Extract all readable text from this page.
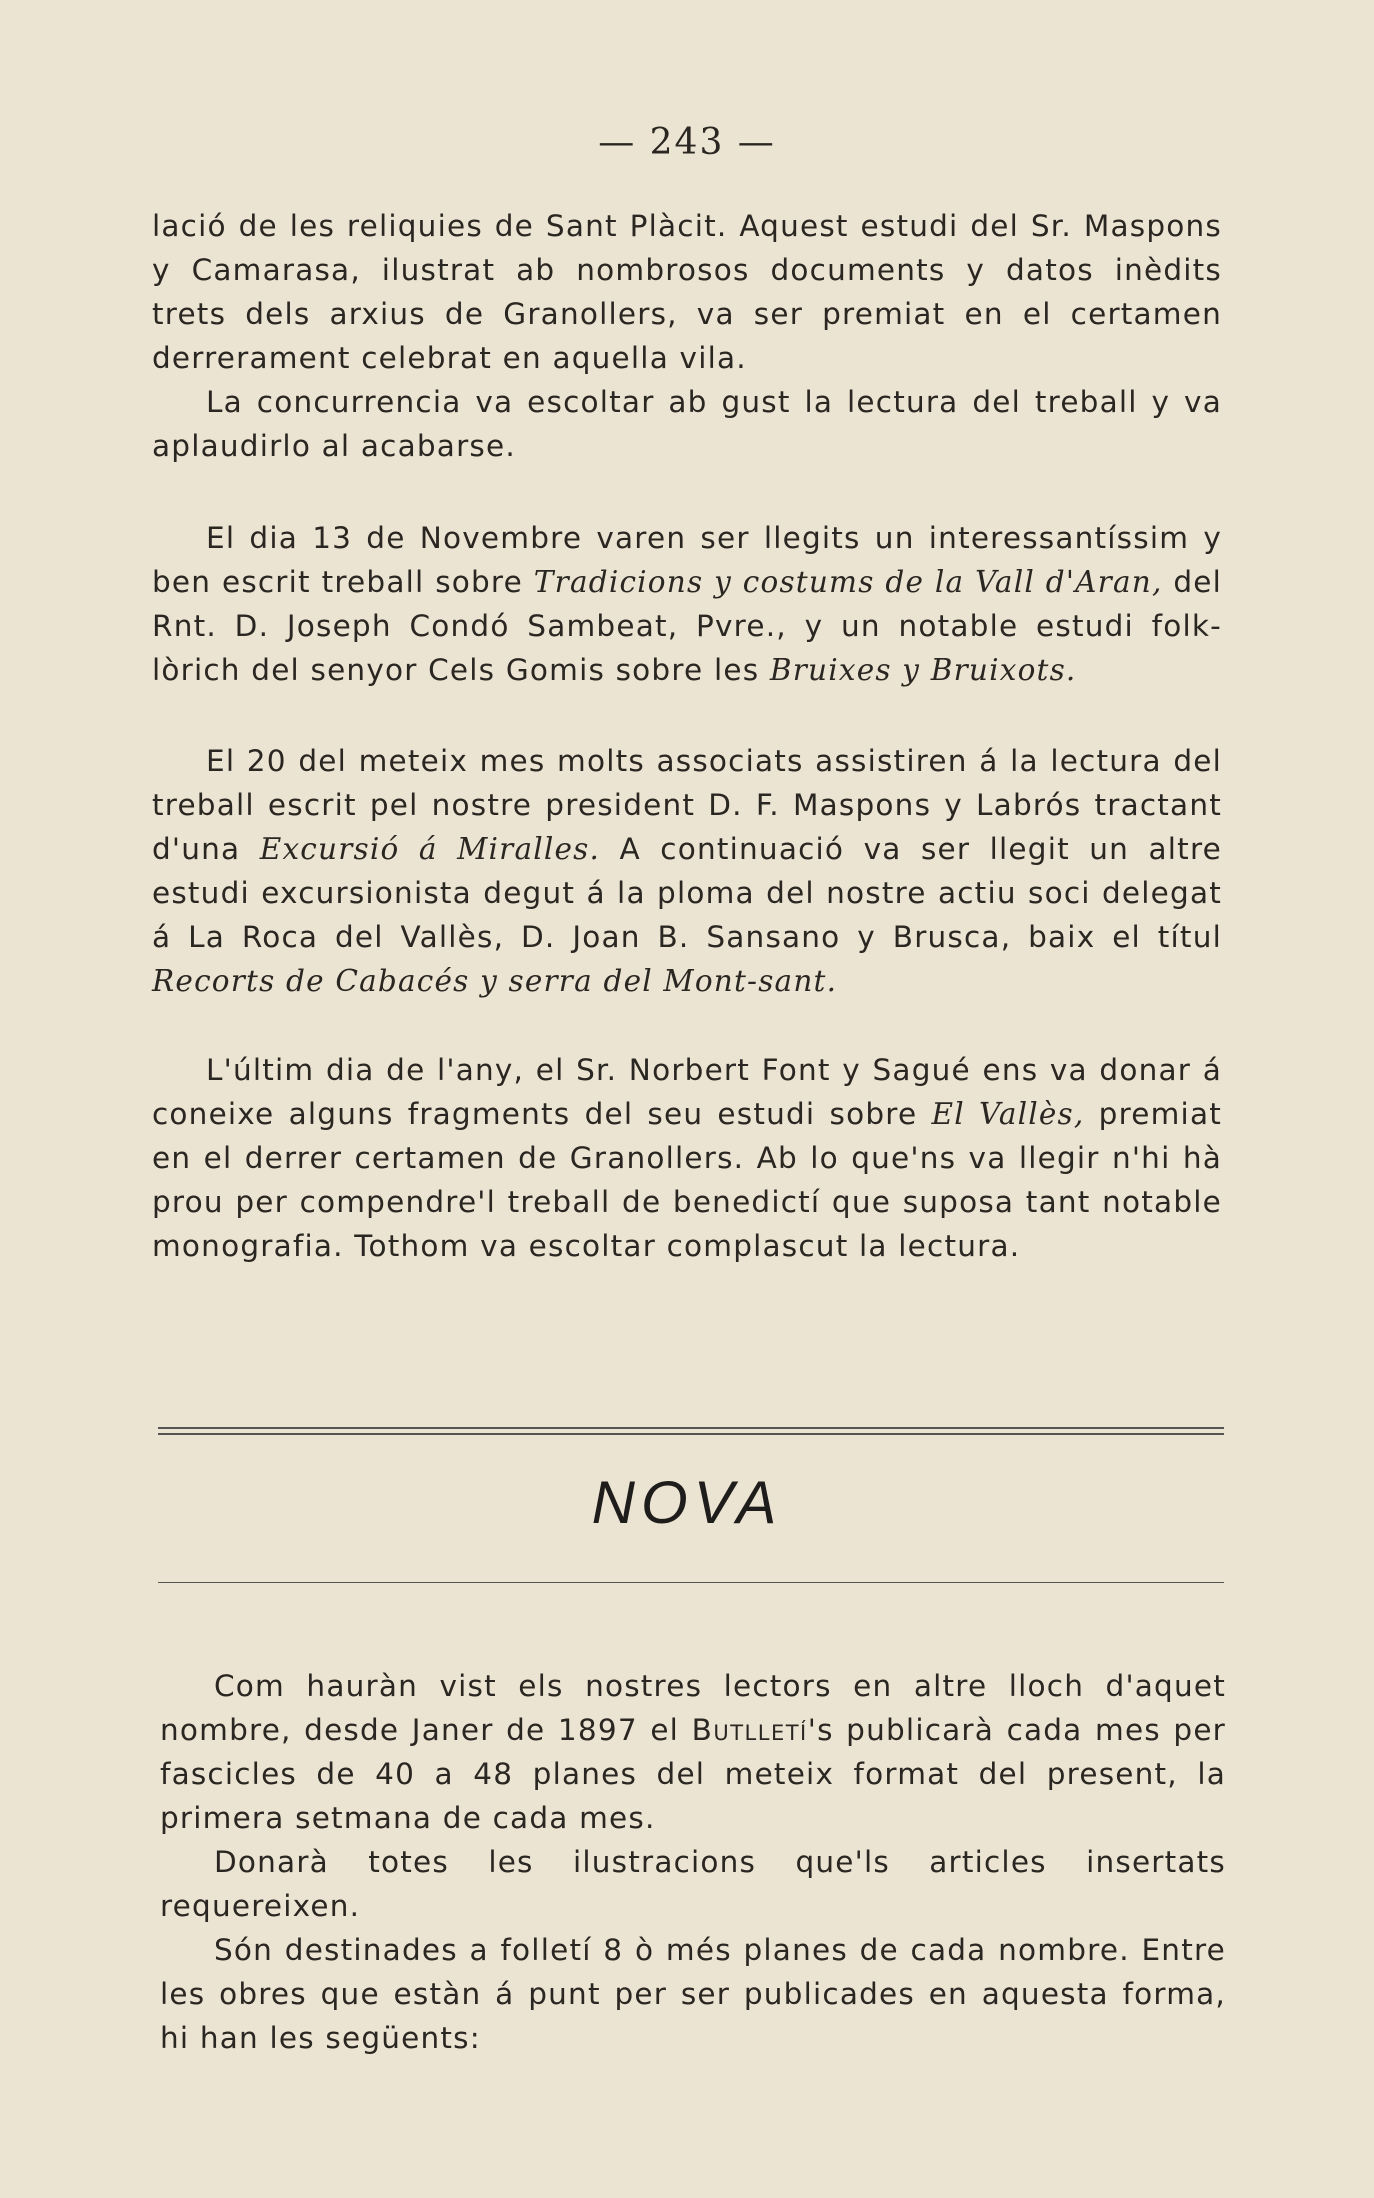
— 243 —

lació de les reliquies de Sant Plàcit. Aquest estudi del Sr. Maspons y Camarasa, ilustrat ab nombrosos documents y datos inèdits trets dels arxius de Granollers, va ser premiat en el certamen derrerament celebrat en aquella vila.

La concurrencia va escoltar ab gust la lectura del treball y va aplaudirlo al acabarse.

El dia 13 de Novembre varen ser llegits un interessantíssim y ben escrit treball sobre Tradicions y costums de la Vall d'Aran, del Rnt. D. Joseph Condó Sambeat, Pvre., y un notable estudi folk-lòrich del senyor Cels Gomis sobre les Bruixes y Bruixots.

El 20 del meteix mes molts associats assistiren á la lectura del treball escrit pel nostre president D. F. Maspons y Labrós tractant d'una Excursió á Miralles. A continuació va ser llegit un altre estudi excursionista degut á la ploma del nostre actiu soci delegat á La Roca del Vallès, D. Joan B. Sansano y Brusca, baix el títul Recorts de Cabacés y serra del Mont-sant.

L'últim dia de l'any, el Sr. Norbert Font y Sagué ens va donar á coneixe alguns fragments del seu estudi sobre El Vallès, premiat en el derrer certamen de Granollers. Ab lo que'ns va llegir n'hi hà prou per compendre'l treball de benedictí que suposa tant notable monografia. Tothom va escoltar complascut la lectura.

NOVA

Com hauràn vist els nostres lectors en altre lloch d'aquet nombre, desde Janer de 1897 el Butlletí's publicarà cada mes per fascicles de 40 a 48 planes del meteix format del present, la primera setmana de cada mes.

Donarà totes les ilustracions que'ls articles insertats requereixen.

Són destinades a folletí 8 ò més planes de cada nombre. Entre les obres que estàn á punt per ser publicades en aquesta forma, hi han les següents:
